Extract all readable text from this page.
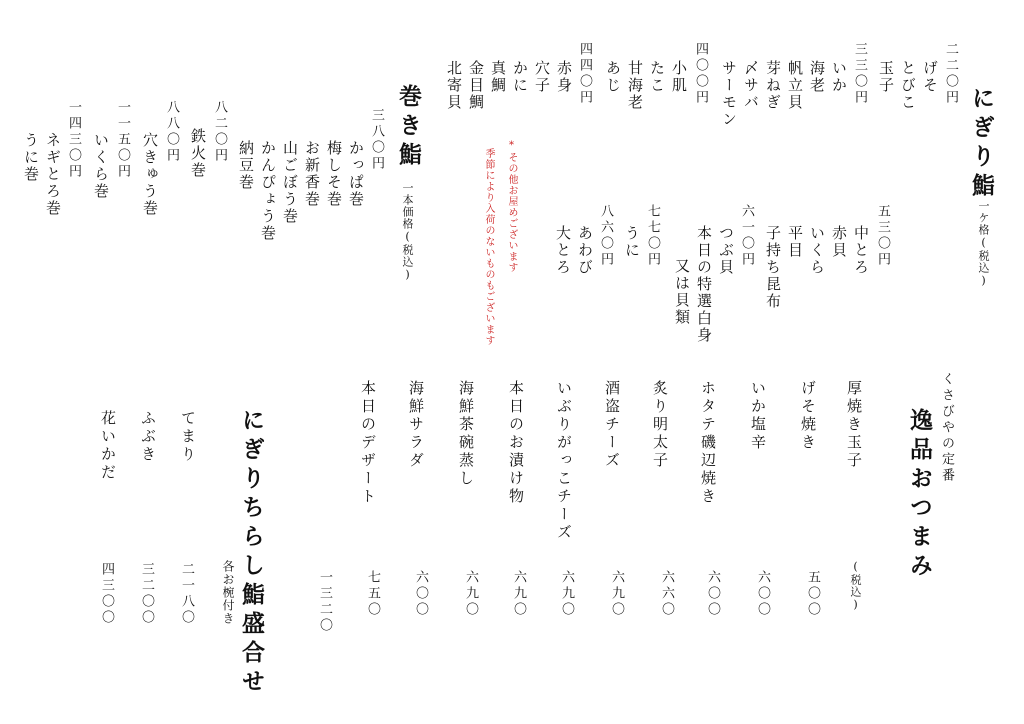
にぎり鮨
一ケ格(税込)
二二〇円
げそ
とびこ
玉子
三三〇円
いか
海老
帆立貝
芽ねぎ
〆サバ
サーモン
四〇〇円
小肌
たこ
甘海老
あじ
四四〇円
赤身
穴子
かに
真鯛
金目鯛
北寄貝
五三〇円
中とろ
赤貝
いくら
平目
子持ち昆布
六一〇円
つぶ貝
本日の特選白身
又は貝類
七七〇円
うに
八六〇円
あわび
大とろ
*その他お屋めございます
季節により入荷のないものもございます
巻き鮨
一本価格(税込)
三八〇円
かっぱ巻
梅しそ巻
お新香巻
山ごぼう巻
かんぴょう巻
納豆巻
八二〇円
鉄火巻
八八〇円
穴きゅう巻
一一五〇円
いくら巻
一四三〇円
ネギとろ巻
うに巻
くさびやの定番
逸品おつまみ
(税込)
厚焼き玉子
五〇〇
げそ焼き
六〇〇
いか塩辛
六〇〇
ホタテ磯辺焼き
六六〇
炙り明太子
六九〇
酒盗チーズ
六九〇
いぶりがっこチーズ
六九〇
本日のお漬け物
六九〇
海鮮茶碗蒸し
六〇〇
海鮮サラダ
七五〇
本日のデザート
一三二〇
にぎりちらし鮨盛合せ
各お椀付き
てまり
二一八〇
ふぶき
三二〇〇
花いかだ
四三〇〇
